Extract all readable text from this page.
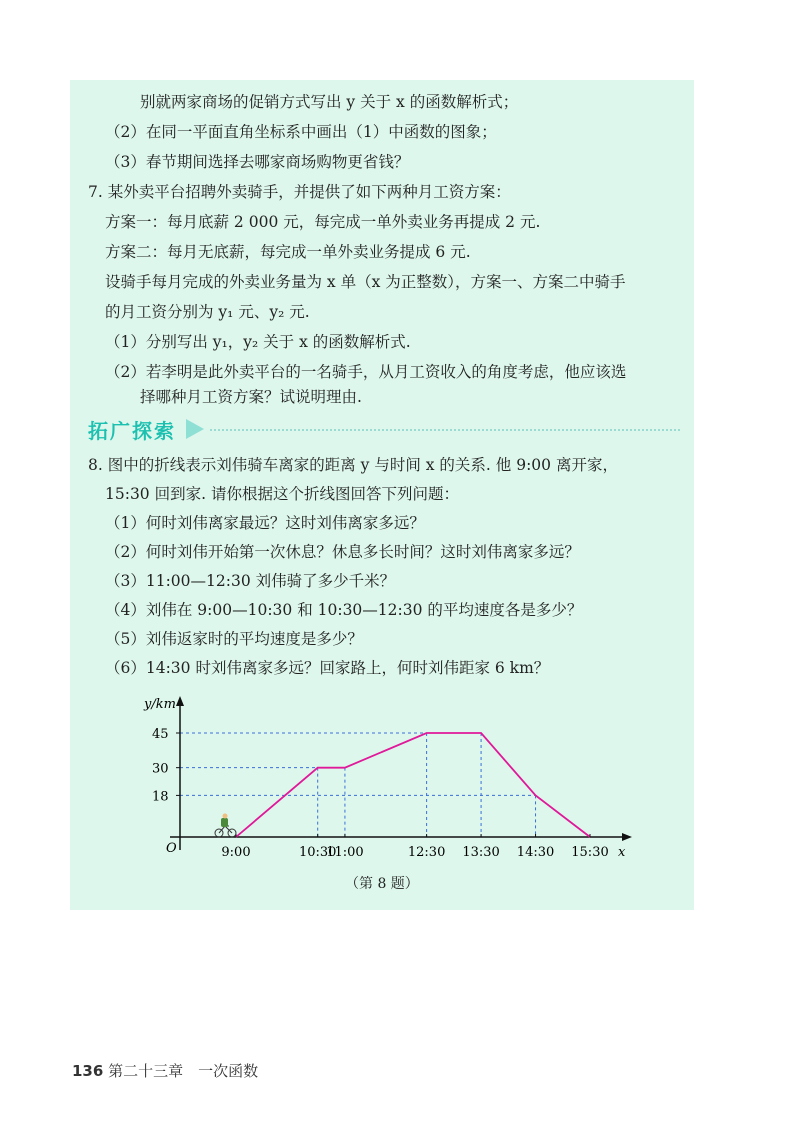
别就两家商场的促销方式写出 y 关于 x 的函数解析式；
（2）在同一平面直角坐标系中画出（1）中函数的图象；
（3）春节期间选择去哪家商场购物更省钱？
7. 某外卖平台招聘外卖骑手，并提供了如下两种月工资方案：
方案一：每月底薪 2 000 元，每完成一单外卖业务再提成 2 元.
方案二：每月无底薪，每完成一单外卖业务提成 6 元.
设骑手每月完成的外卖业务量为 x 单（x 为正整数），方案一、方案二中骑手
的月工资分别为 y₁ 元、y₂ 元.
（1）分别写出 y₁，y₂ 关于 x 的函数解析式.
（2）若李明是此外卖平台的一名骑手，从月工资收入的角度考虑，他应该选
择哪种月工资方案？试说明理由.
拓广探索
8. 图中的折线表示刘伟骑车离家的距离 y 与时间 x 的关系. 他 9:00 离开家，
15:30 回到家. 请你根据这个折线图回答下列问题：
（1）何时刘伟离家最远？这时刘伟离家多远？
（2）何时刘伟开始第一次休息？休息多长时间？这时刘伟离家多远？
（3）11:00—12:30 刘伟骑了多少千米？
（4）刘伟在 9:00—10:30 和 10:30—12:30 的平均速度各是多少？
（5）刘伟返家时的平均速度是多少？
（6）14:30 时刘伟离家多远？回家路上，何时刘伟距家 6 km？
18
30
45
9:00	10:30
11:00	12:30 13:30 14:30 15:30
y/km
x
O
（第 8 题）
136 第二十三章　一次函数
